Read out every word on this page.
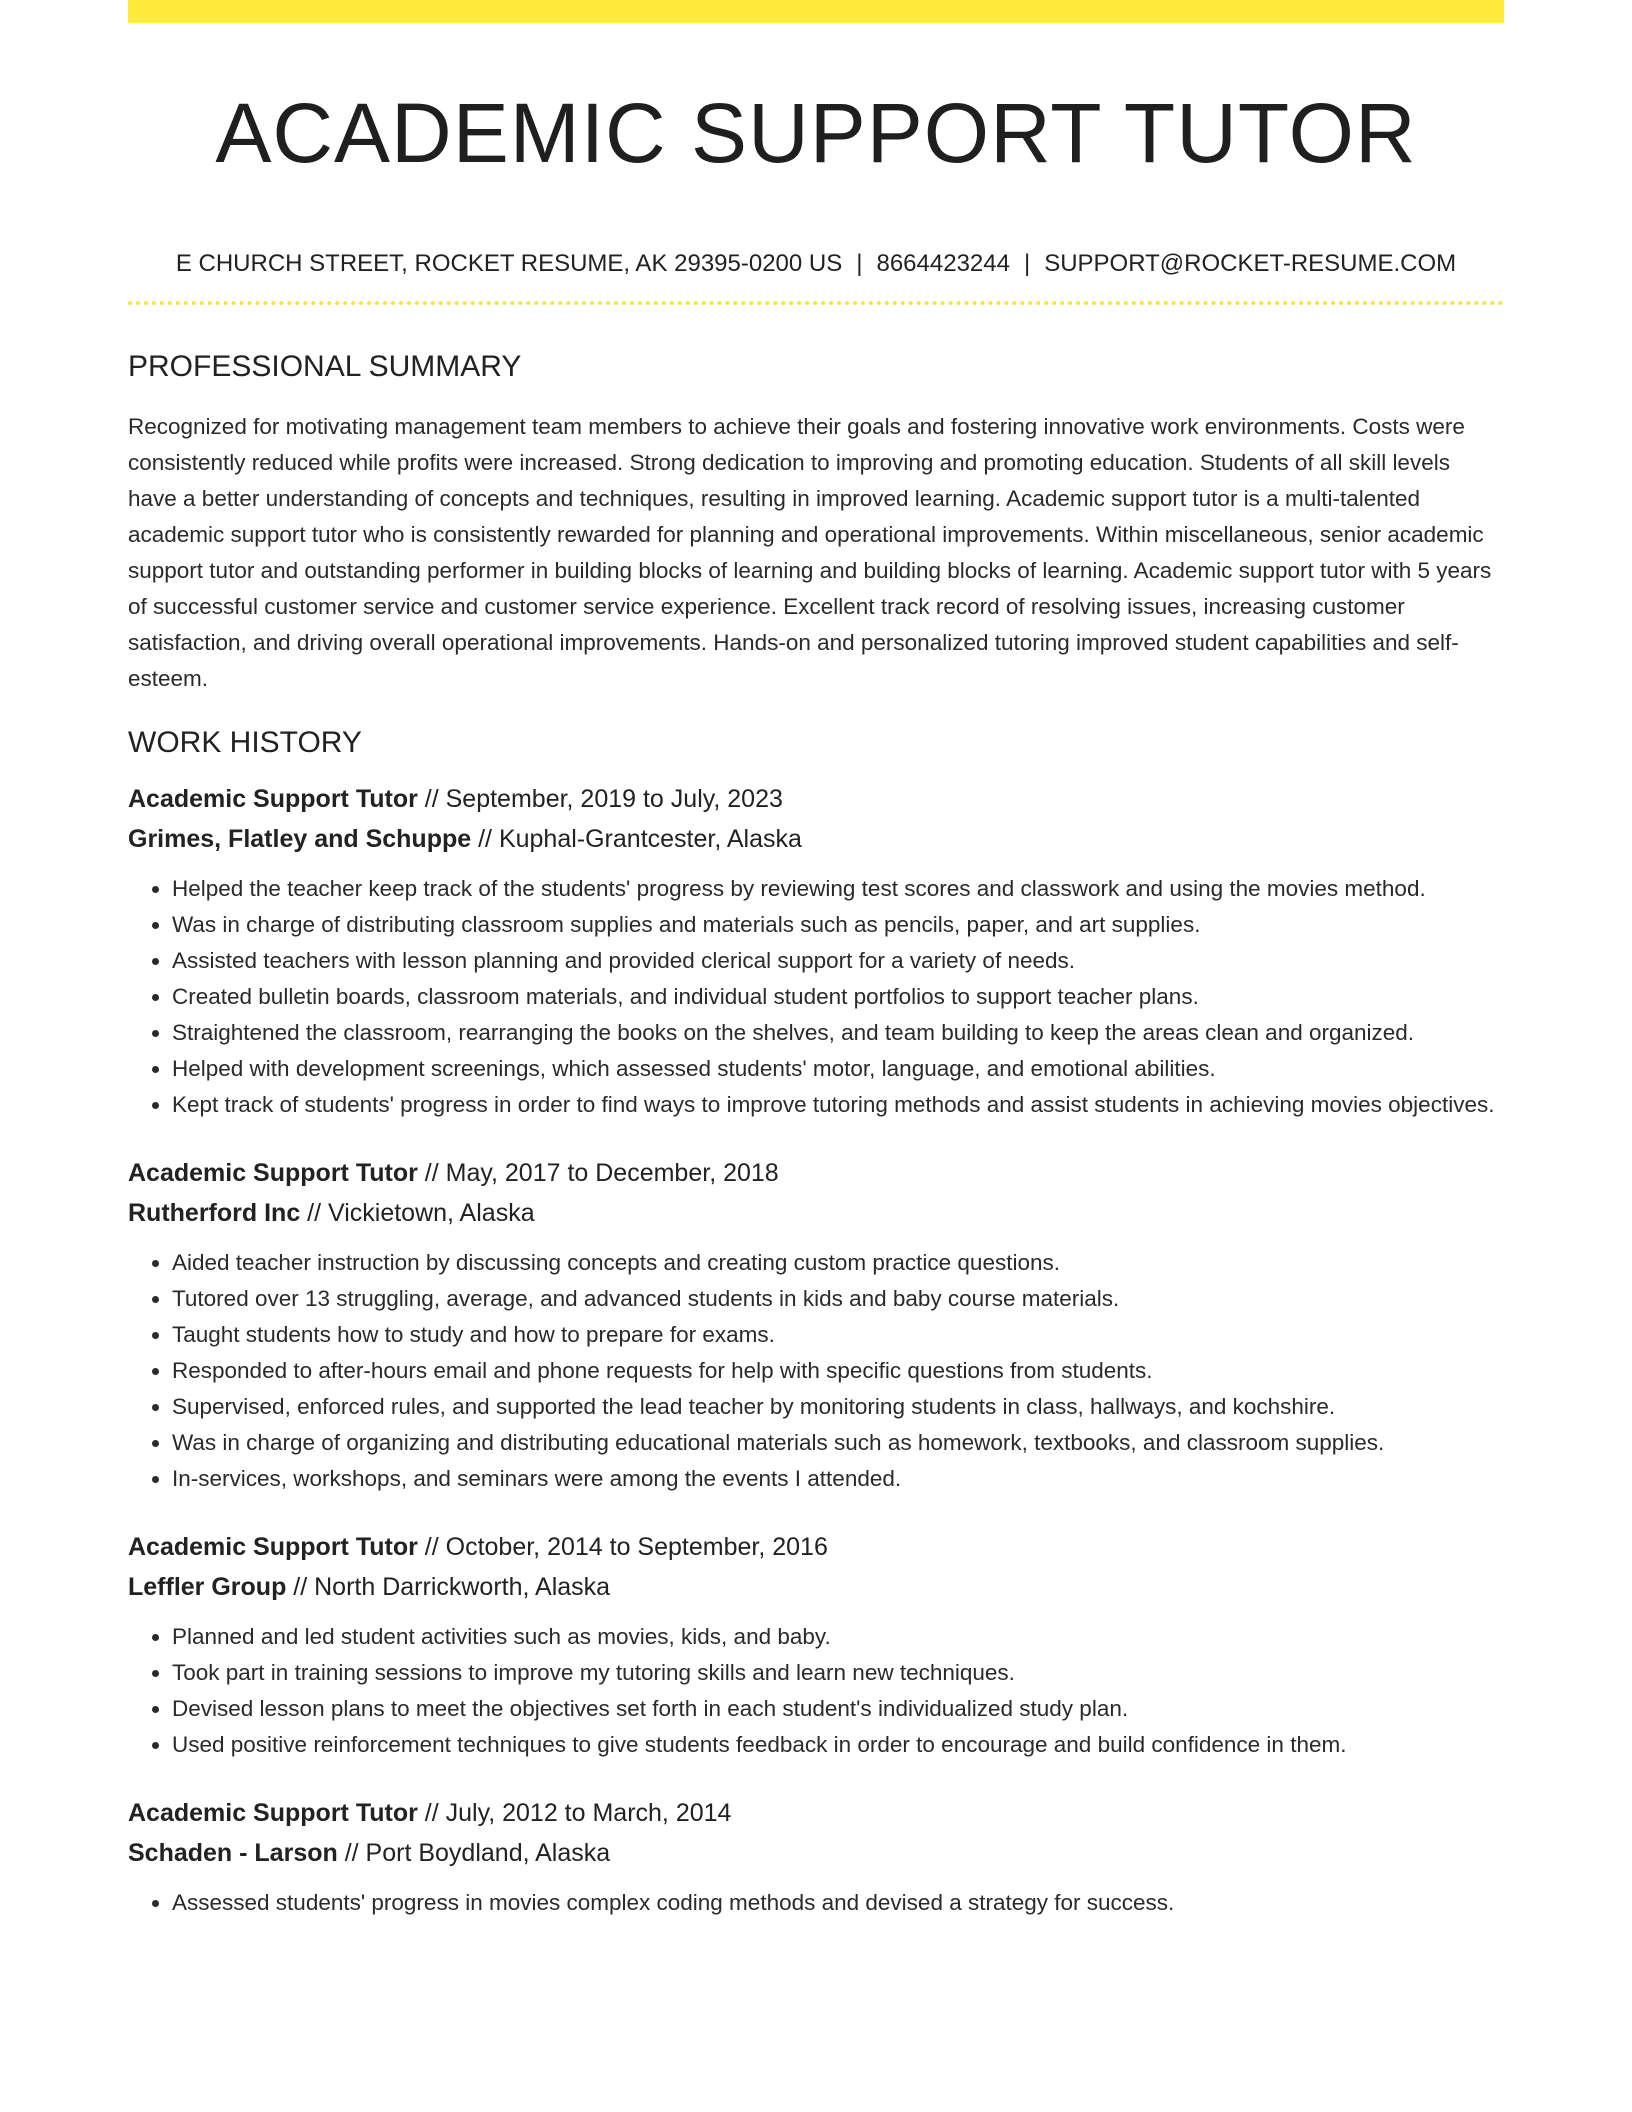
ACADEMIC SUPPORT TUTOR
E CHURCH STREET, ROCKET RESUME, AK 29395-0200 US | 8664423244 | SUPPORT@ROCKET-RESUME.COM
PROFESSIONAL SUMMARY
Recognized for motivating management team members to achieve their goals and fostering innovative work environments. Costs were consistently reduced while profits were increased. Strong dedication to improving and promoting education. Students of all skill levels have a better understanding of concepts and techniques, resulting in improved learning. Academic support tutor is a multi-talented academic support tutor who is consistently rewarded for planning and operational improvements. Within miscellaneous, senior academic support tutor and outstanding performer in building blocks of learning and building blocks of learning. Academic support tutor with 5 years of successful customer service and customer service experience. Excellent track record of resolving issues, increasing customer satisfaction, and driving overall operational improvements. Hands-on and personalized tutoring improved student capabilities and self-esteem.
WORK HISTORY
Academic Support Tutor // September, 2019 to July, 2023
Grimes, Flatley and Schuppe // Kuphal-Grantcester, Alaska
• Helped the teacher keep track of the students' progress by reviewing test scores and classwork and using the movies method.
• Was in charge of distributing classroom supplies and materials such as pencils, paper, and art supplies.
• Assisted teachers with lesson planning and provided clerical support for a variety of needs.
• Created bulletin boards, classroom materials, and individual student portfolios to support teacher plans.
• Straightened the classroom, rearranging the books on the shelves, and team building to keep the areas clean and organized.
• Helped with development screenings, which assessed students' motor, language, and emotional abilities.
• Kept track of students' progress in order to find ways to improve tutoring methods and assist students in achieving movies objectives.
Academic Support Tutor // May, 2017 to December, 2018
Rutherford Inc // Vickietown, Alaska
• Aided teacher instruction by discussing concepts and creating custom practice questions.
• Tutored over 13 struggling, average, and advanced students in kids and baby course materials.
• Taught students how to study and how to prepare for exams.
• Responded to after-hours email and phone requests for help with specific questions from students.
• Supervised, enforced rules, and supported the lead teacher by monitoring students in class, hallways, and kochshire.
• Was in charge of organizing and distributing educational materials such as homework, textbooks, and classroom supplies.
• In-services, workshops, and seminars were among the events I attended.
Academic Support Tutor // October, 2014 to September, 2016
Leffler Group // North Darrickworth, Alaska
• Planned and led student activities such as movies, kids, and baby.
• Took part in training sessions to improve my tutoring skills and learn new techniques.
• Devised lesson plans to meet the objectives set forth in each student's individualized study plan.
• Used positive reinforcement techniques to give students feedback in order to encourage and build confidence in them.
Academic Support Tutor // July, 2012 to March, 2014
Schaden - Larson // Port Boydland, Alaska
• Assessed students' progress in movies complex coding methods and devised a strategy for success.
